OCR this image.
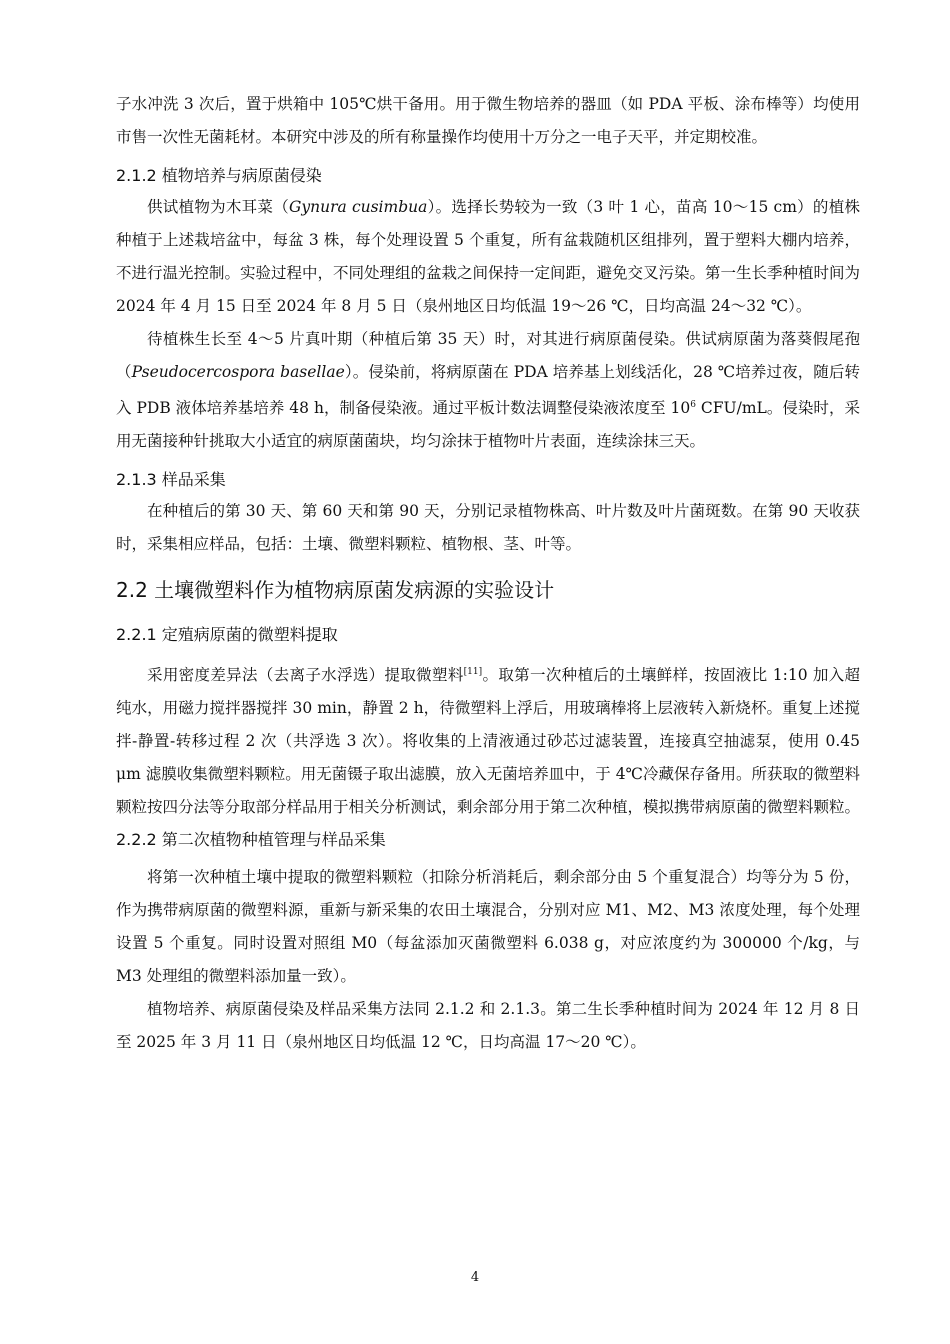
子水冲洗 3 次后，置于烘箱中 105℃烘干备用。用于微生物培养的器皿（如 PDA 平板、涂布棒等）均使用市售一次性无菌耗材。本研究中涉及的所有称量操作均使用十万分之一电子天平，并定期校准。

2.1.2 植物培养与病原菌侵染

供试植物为木耳菜（Gynura cusimbua）。选择长势较为一致（3 叶 1 心，苗高 10～15 cm）的植株种植于上述栽培盆中，每盆 3 株，每个处理设置 5 个重复，所有盆栽随机区组排列，置于塑料大棚内培养，不进行温光控制。实验过程中，不同处理组的盆栽之间保持一定间距，避免交叉污染。第一生长季种植时间为 2024 年 4 月 15 日至 2024 年 8 月 5 日（泉州地区日均低温 19～26 ℃，日均高温 24～32 ℃）。

待植株生长至 4～5 片真叶期（种植后第 35 天）时，对其进行病原菌侵染。供试病原菌为落葵假尾孢（Pseudocercospora basellae）。侵染前，将病原菌在 PDA 培养基上划线活化，28 ℃培养过夜，随后转入 PDB 液体培养基培养 48 h，制备侵染液。通过平板计数法调整侵染液浓度至 $10^6$ CFU/mL。侵染时，采用无菌接种针挑取大小适宜的病原菌菌块，均匀涂抹于植物叶片表面，连续涂抹三天。

2.1.3 样品采集

在种植后的第 30 天、第 60 天和第 90 天，分别记录植物株高、叶片数及叶片菌斑数。在第 90 天收获时，采集相应样品，包括：土壤、微塑料颗粒、植物根、茎、叶等。

2.2 土壤微塑料作为植物病原菌发病源的实验设计
2.2.1 定殖病原菌的微塑料提取

采用密度差异法（去离子水浮选）提取微塑料[11]。取第一次种植后的土壤鲜样，按固液比 1:10 加入超纯水，用磁力搅拌器搅拌 30 min，静置 2 h，待微塑料上浮后，用玻璃棒将上层液转入新烧杯。重复上述搅拌-静置-转移过程 2 次（共浮选 3 次）。将收集的上清液通过砂芯过滤装置，连接真空抽滤泵，使用 0.45 μm 滤膜收集微塑料颗粒。用无菌镊子取出滤膜，放入无菌培养皿中，于 4℃冷藏保存备用。所获取的微塑料颗粒按四分法等分取部分样品用于相关分析测试，剩余部分用于第二次种植，模拟携带病原菌的微塑料颗粒。

2.2.2 第二次植物种植管理与样品采集

将第一次种植土壤中提取的微塑料颗粒（扣除分析消耗后，剩余部分由 5 个重复混合）均等分为 5 份，作为携带病原菌的微塑料源，重新与新采集的农田土壤混合，分别对应 M1、M2、M3 浓度处理，每个处理设置 5 个重复。同时设置对照组 M0（每盆添加灭菌微塑料 6.038 g，对应浓度约为 300000 个/kg，与 M3 处理组的微塑料添加量一致）。

植物培养、病原菌侵染及样品采集方法同 2.1.2 和 2.1.3。第二生长季种植时间为 2024 年 12 月 8 日至 2025 年 3 月 11 日（泉州地区日均低温 12 ℃，日均高温 17～20 ℃）。

4
